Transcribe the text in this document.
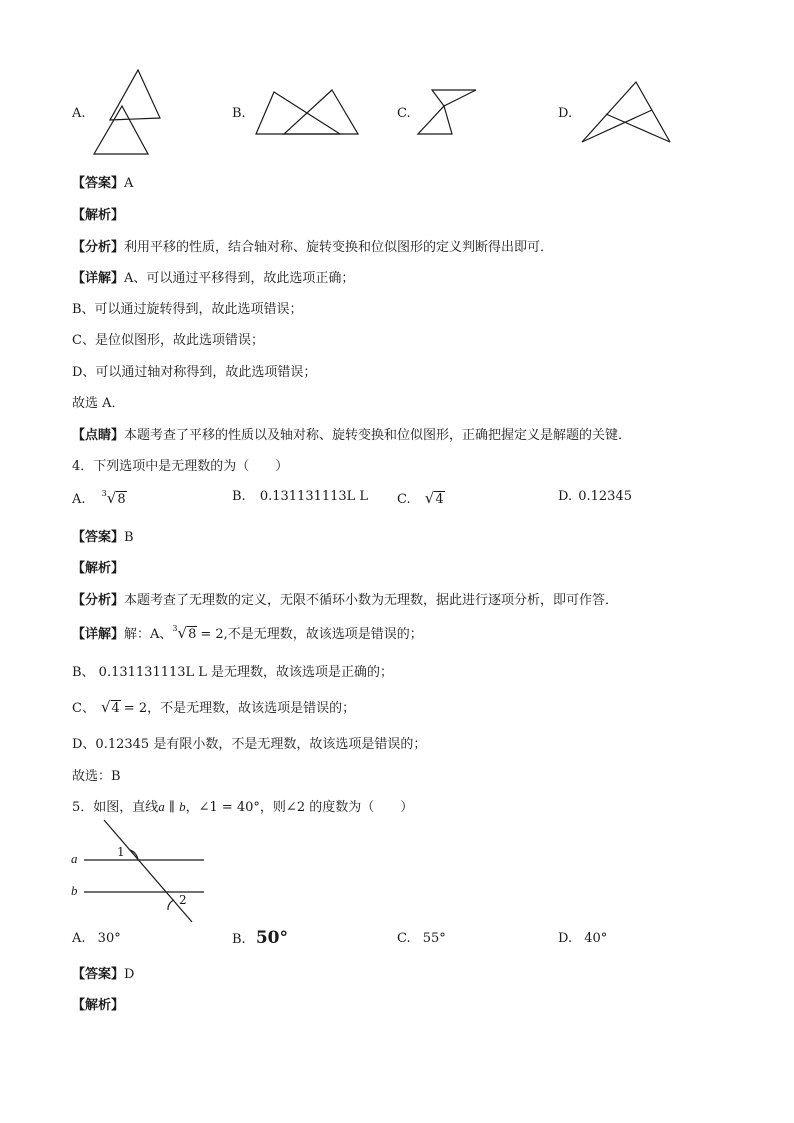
A.	B.	C.	D.
【答案】A
【解析】
【分析】利用平移的性质，结合轴对称、旋转变换和位似图形的定义判断得出即可．
【详解】A、可以通过平移得到，故此选项正确；
B、可以通过旋转得到，故此选项错误；
C、是位似图形，故此选项错误；
D、可以通过轴对称得到，故此选项错误；
故选 A．
【点睛】本题考查了平移的性质以及轴对称、旋转变换和位似图形，正确把握定义是解题的关键．
4．下列选项中是无理数的为（　　）
A. $^3$√8	B. 0.131131113L L C. √4	D. 0.12345
【答案】B
【解析】
【分析】本题考查了无理数的定义，无限不循环小数为无理数，据此进行逐项分析，即可作答．
【详解】解：A、$^3$√8 = 2,不是无理数，故该选项是错误的；
B、 0.131131113L L 是无理数，故该选项是正确的；
C、 √4 = 2，不是无理数，故该选项是错误的；
D、0.12345 是有限小数，不是无理数，故该选项是错误的；
故选：B
5．如图，直线a ∥ b，∠1 = 40°，则∠2 的度数为（　　）
a
b
1
2
A. 30°	B. 50°	C. 55°	D. 40°
【答案】D
【解析】
